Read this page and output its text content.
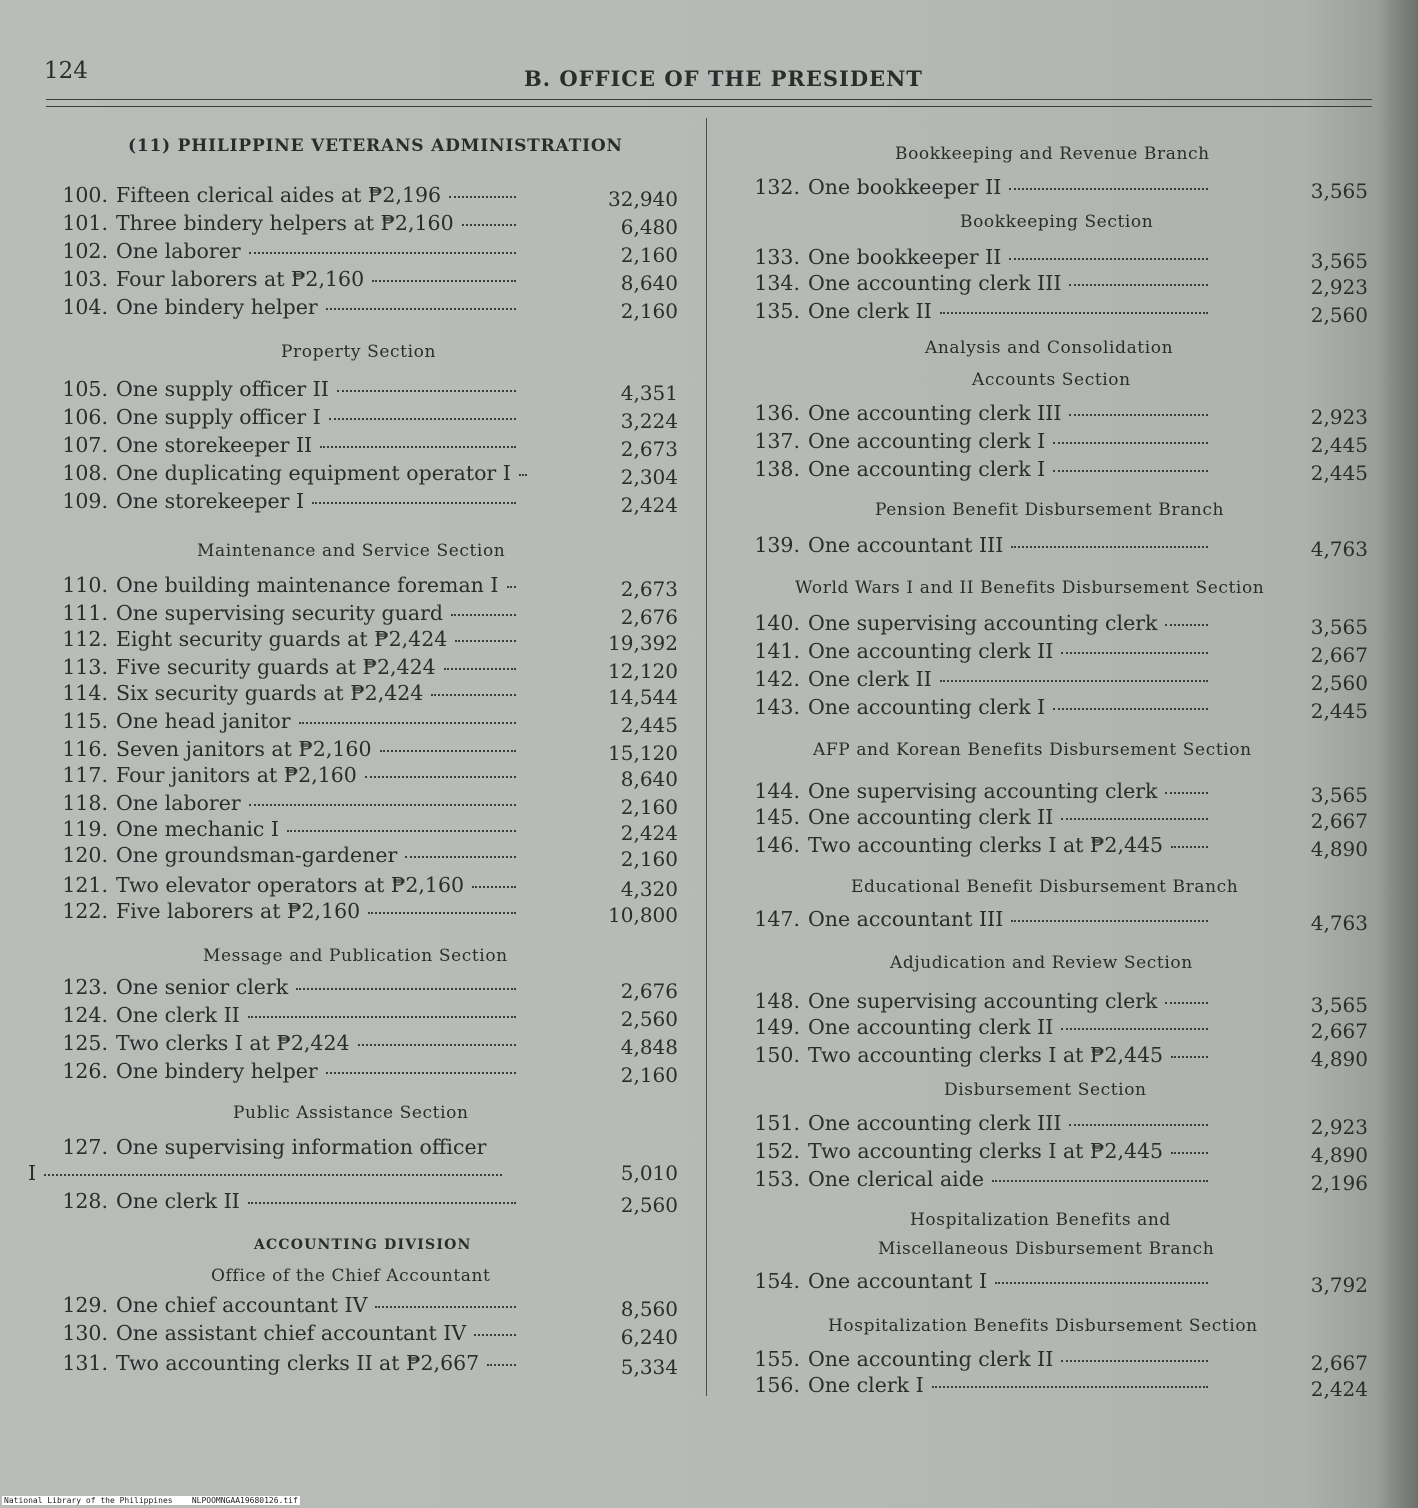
124	B. OFFICE OF THE PRESIDENT
(11) PHILIPPINE VETERANS ADMINISTRATION
Property Section
Maintenance and Service Section
Message and Publication Section
Public Assistance Section
ACCOUNTING DIVISION
Office of the Chief Accountant
100. Fifteen clerical aides at ₱2,196	32,940
101. Three bindery helpers at ₱2,160	6,480
102. One laborer	2,160
103. Four laborers at ₱2,160	8,640
104. One bindery helper	2,160
105. One supply officer II	4,351
106. One supply officer I	3,224
107. One storekeeper II	2,673
108. One duplicating equipment operator I	2,304
109. One storekeeper I	2,424
110. One building maintenance foreman I	2,673
111. One supervising security guard	2,676
112. Eight security guards at ₱2,424	19,392
113. Five security guards at ₱2,424	12,120
114. Six security guards at ₱2,424	14,544
115. One head janitor	2,445
116. Seven janitors at ₱2,160	15,120
117. Four janitors at ₱2,160	8,640
118. One laborer	2,160
119. One mechanic I	2,424
120. One groundsman-gardener	2,160
121. Two elevator operators at ₱2,160	4,320
122. Five laborers at ₱2,160	10,800
123. One senior clerk	2,676
124. One clerk II	2,560
125. Two clerks I at ₱2,424	4,848
126. One bindery helper	2,160
127. One supervising information officer
I	5,010
128. One clerk II	2,560
129. One chief accountant IV	8,560
130. One assistant chief accountant IV	6,240
131. Two accounting clerks II at ₱2,667	5,334
Bookkeeping and Revenue Branch
Bookkeeping Section
Analysis and Consolidation
Accounts Section
Pension Benefit Disbursement Branch
World Wars I and II Benefits Disbursement Section
AFP and Korean Benefits Disbursement Section
Educational Benefit Disbursement Branch
Adjudication and Review Section
Disbursement Section
Hospitalization Benefits and
Miscellaneous Disbursement Branch
Hospitalization Benefits Disbursement Section
132. One bookkeeper II	3,565
133. One bookkeeper II	3,565
134. One accounting clerk III	2,923
135. One clerk II	2,560
136. One accounting clerk III	2,923
137. One accounting clerk I	2,445
138. One accounting clerk I	2,445
139. One accountant III	4,763
140. One supervising accounting clerk	3,565
141. One accounting clerk II	2,667
142. One clerk II	2,560
143. One accounting clerk I	2,445
144. One supervising accounting clerk	3,565
145. One accounting clerk II	2,667
146. Two accounting clerks I at ₱2,445	4,890
147. One accountant III	4,763
148. One supervising accounting clerk	3,565
149. One accounting clerk II	2,667
150. Two accounting clerks I at ₱2,445	4,890
151. One accounting clerk III	2,923
152. Two accounting clerks I at ₱2,445	4,890
153. One clerical aide	2,196
154. One accountant I	3,792
155. One accounting clerk II	2,667
156. One clerk I	2,424
National Library of the Philippines NLPOOMNGAA19680126.tif
